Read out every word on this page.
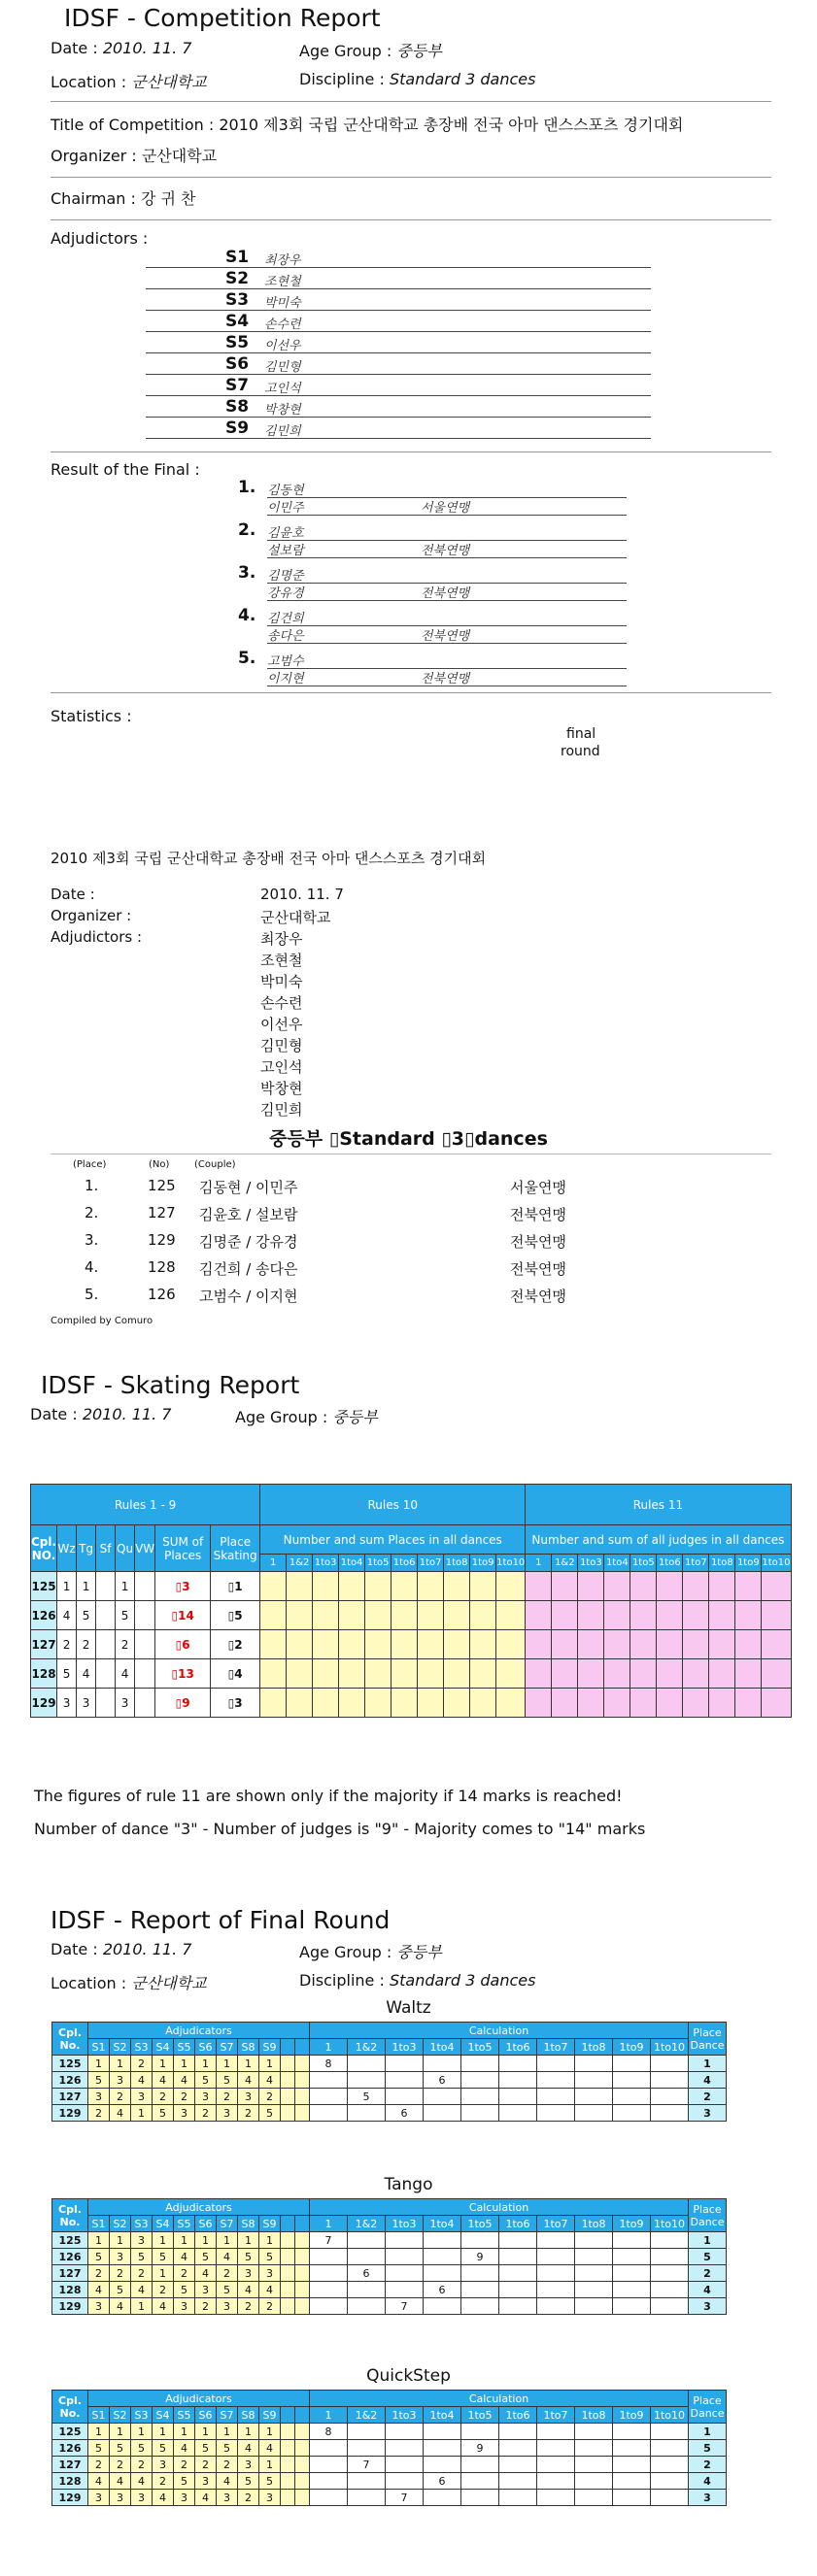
IDSF - Competition Report
Date : 2010. 11. 7	Age Group : 중등부
Location : 군산대학교	Discipline : Standard 3 dances
Title of Competition : 2010 제3회 국립 군산대학교 총장배 전국 아마 댄스스포츠 경기대회
Organizer : 군산대학교
Chairman : 강 귀 찬
Adjudictors :
S1 최장우
S2 조현철
S3 박미숙
S4 손수련
S5 이선우
S6 김민형
S7 고인석
S8 박창현
S9 김민희
Result of the Final :
1. 김동현
이민주	서울연맹
2. 김윤호
설보람	전북연맹
3. 김명준
강유경	전북연맹
4. 김건희
송다은	전북연맹
5. 고범수
이지현	전북연맹
Statistics :
final
round
2010 제3회 국립 군산대학교 총장배 전국 아마 댄스스포츠 경기대회
Date :	2010. 11. 7
Organizer :	군산대학교
Adjudictors :	최장우
조현철
박미숙
손수련
이선우
김민형
고인석
박창현
김민희
중등부 ▯Standard ▯3▯dances
(Place)	(No)	(Couple)
1.	125 김동현 / 이민주	서울연맹
2.	127 김윤호 / 설보람	전북연맹
3.	129 김명준 / 강유경	전북연맹
4.	128 김건희 / 송다은	전북연맹
5.	126 고범수 / 이지현	전북연맹
Compiled by Comuro
IDSF - Skating Report
Date : 2010. 11. 7	Age Group : 중등부
Rules 1 - 9								Rules 10										Rules 11									
Cpl. NO.	Wz	Tg	Sf	Qu	VW	SUM of Places	Place Skating	Number and sum Places in all dances										Number and sum of all judges in all dances									
								1	1&2	1to3	1to4	1to5	1to6	1to7	1to8	1to9	1to10	1	1&2	1to3	1to4	1to5	1to6	1to7	1to8	1to9	1to10
125	1	1		1		▯3	▯1																				
126	4	5		5		▯14	▯5																				
127	2	2		2		▯6	▯2																				
128	5	4		4		▯13	▯4																				
129	3	3		3		▯9	▯3																				
The figures of rule 11 are shown only if the majority if 14 marks is reached!
Number of dance "3" - Number of judges is "9" - Majority comes to "14" marks
IDSF - Report of Final Round
Date : 2010. 11. 7	Age Group : 중등부
Location : 군산대학교	Discipline : Standard 3 dances
Waltz
Cpl. No.	Adjudicators											Calculation										Place Dance
	S1	S2	S3	S4	S5	S6	S7	S8	S9			1	1&2	1to3	1to4	1to5	1to6	1to7	1to8	1to9	1to10	
125	1	1	2	1	1	1	1	1	1			8										1
126	5	3	4	4	4	5	5	4	4						6							4
127	3	2	3	2	2	3	2	3	2				5									2
129	2	4	1	5	3	2	3	2	5					6								3
Tango
Cpl. No.	Adjudicators											Calculation										Place Dance
	S1	S2	S3	S4	S5	S6	S7	S8	S9			1	1&2	1to3	1to4	1to5	1to6	1to7	1to8	1to9	1to10	
125	1	1	3	1	1	1	1	1	1			7										1
126	5	3	5	5	4	5	4	5	5							9						5
127	2	2	2	1	2	4	2	3	3				6									2
128	4	5	4	2	5	3	5	4	4						6							4
129	3	4	1	4	3	2	3	2	2					7								3
QuickStep
Cpl. No.	Adjudicators											Calculation										Place Dance
	S1	S2	S3	S4	S5	S6	S7	S8	S9			1	1&2	1to3	1to4	1to5	1to6	1to7	1to8	1to9	1to10	
125	1	1	1	1	1	1	1	1	1			8										1
126	5	5	5	5	4	5	5	4	4							9						5
127	2	2	2	3	2	2	2	3	1				7									2
128	4	4	4	2	5	3	4	5	5						6							4
129	3	3	3	4	3	4	3	2	3					7								3
